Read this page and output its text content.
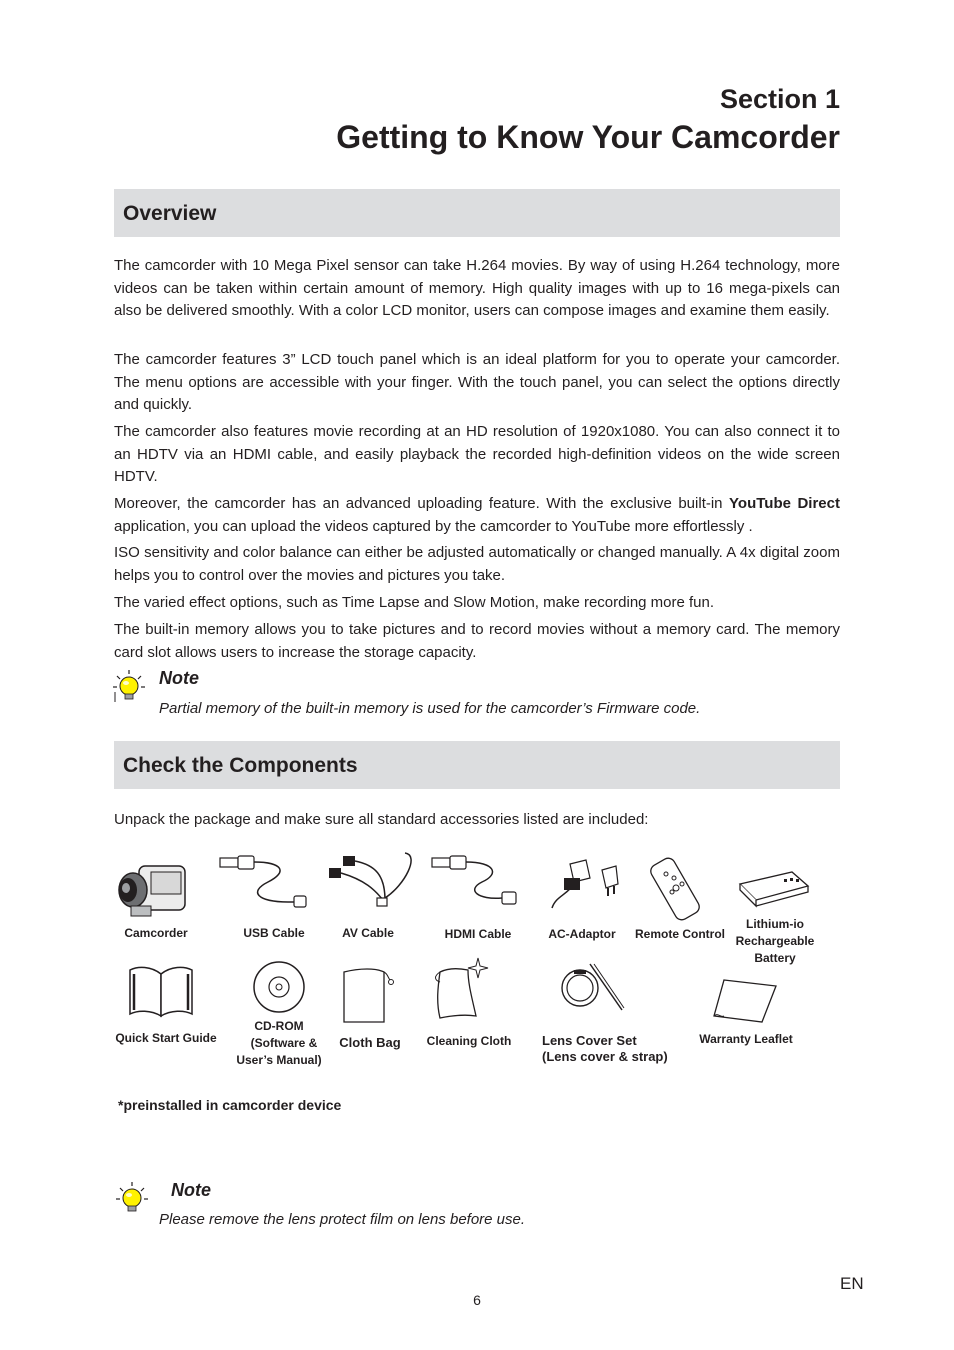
Section 1
Getting to Know Your Camcorder
Overview
The camcorder with 10 Mega Pixel sensor can take H.264 movies. By way of using H.264 technology, more videos can be taken within certain amount of memory. High quality images with up to 16 mega-pixels can also be delivered smoothly. With a color LCD monitor, users can compose images and examine them easily.
The camcorder features 3” LCD touch panel which is an ideal platform for you to operate your camcorder. The menu options are accessible with your finger. With the touch panel, you can select the options directly and quickly.
The camcorder also features movie recording at an HD resolution of 1920x1080. You can also connect it to an HDTV via an HDMI cable, and easily playback the recorded high-definition videos on the wide screen HDTV.
Moreover, the camcorder has an advanced uploading feature. With the exclusive built-in YouTube Direct application, you can upload the videos captured by the camcorder to YouTube more effortlessly .
ISO sensitivity and color balance can either be adjusted automatically or changed manually. A 4x digital zoom helps you to control over the movies and pictures you take.
The varied effect options, such as Time Lapse and Slow Motion, make recording more fun.
The built-in memory allows you to take pictures and to record movies without a memory card. The memory card slot allows users to increase the storage capacity.
Note
Partial memory of the built-in memory is used for the camcorder’s Firmware code.
Check the Components
Unpack the package and make sure all standard accessories listed are included:
Camcorder	USB Cable	AV Cable	HDMI Cable	AC-Adaptor	Remote Control
Lithium-io
Rechargeable
Battery
Quick Start Guide
CD-ROM
(Software &
User’s Manual)
Cloth Bag	Cleaning Cloth	Lens Cover Set
(Lens cover & strap)
Warranty Leaflet
*preinstalled in camcorder device
Note
Please remove the lens protect film on lens before use.
EN
6
